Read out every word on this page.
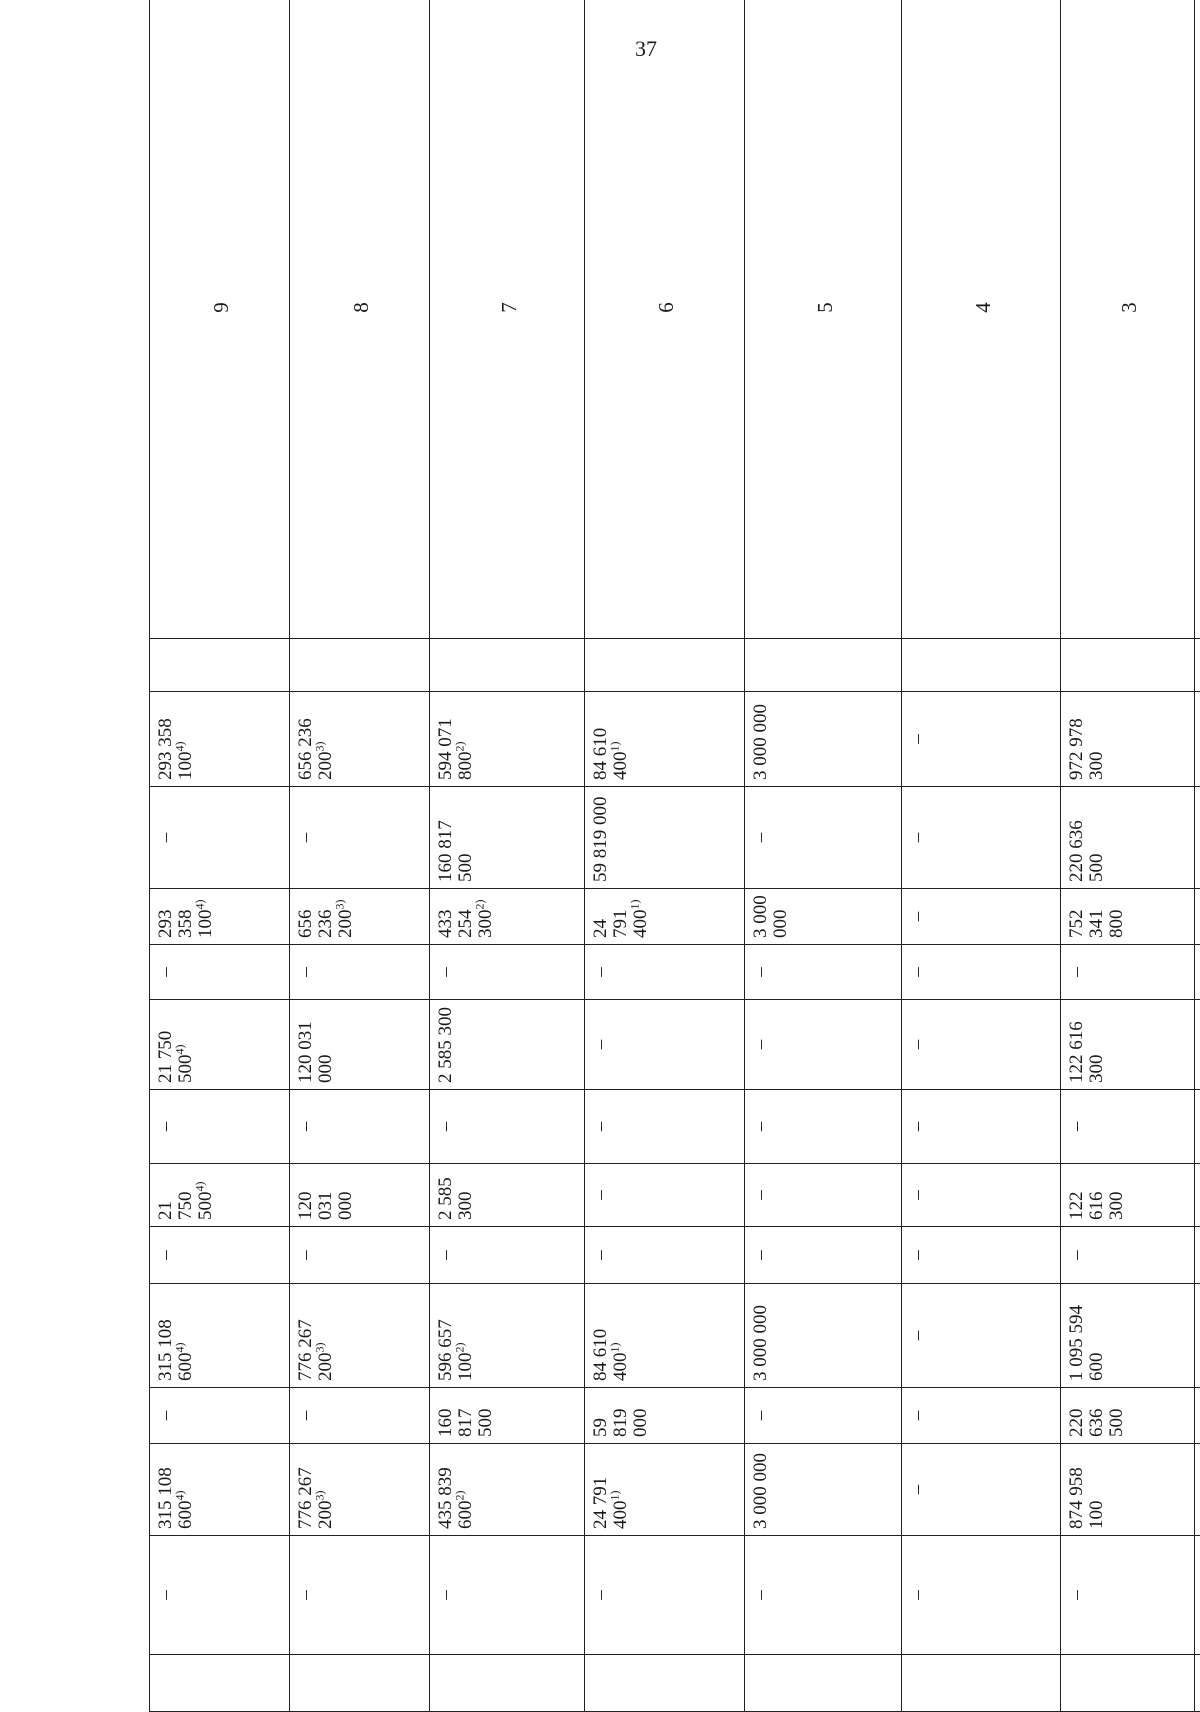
37
	–	315 108 600$^{4)}$	–	315 108 600$^{4)}$	–	21 750 500$^{4)}$	–	21 750 500$^{4)}$	–	293 358 100$^{4)}$	–	293 358 100$^{4)}$		9
	–	776 267 200$^{3)}$	–	776 267 200$^{3)}$	–	120 031 000	–	120 031 000	–	656 236 200$^{3)}$	–	656 236 200$^{3)}$		8
	–	435 839 600$^{2)}$	160 817 500	596 657 100$^{2)}$	–	2 585 300	–	2 585 300	–	433 254 300$^{2)}$	160 817 500	594 071 800$^{2)}$		7
	–	24 791 400$^{1)}$	59 819 000	84 610 400$^{1)}$	–	–	–	–	–	24 791 400$^{1)}$	59 819 000	84 610 400$^{1)}$		6
	–	3 000 000	–	3 000 000	–	–	–	–	–	3 000 000	–	3 000 000		5
	–	–	–	–	–	–	–	–	–	–	–	–		4
	–	874 958 100	220 636 500	1 095 594 600	–	122 616 300	–	122 616 300	–	752 341 800	220 636 500	972 978 300		3
